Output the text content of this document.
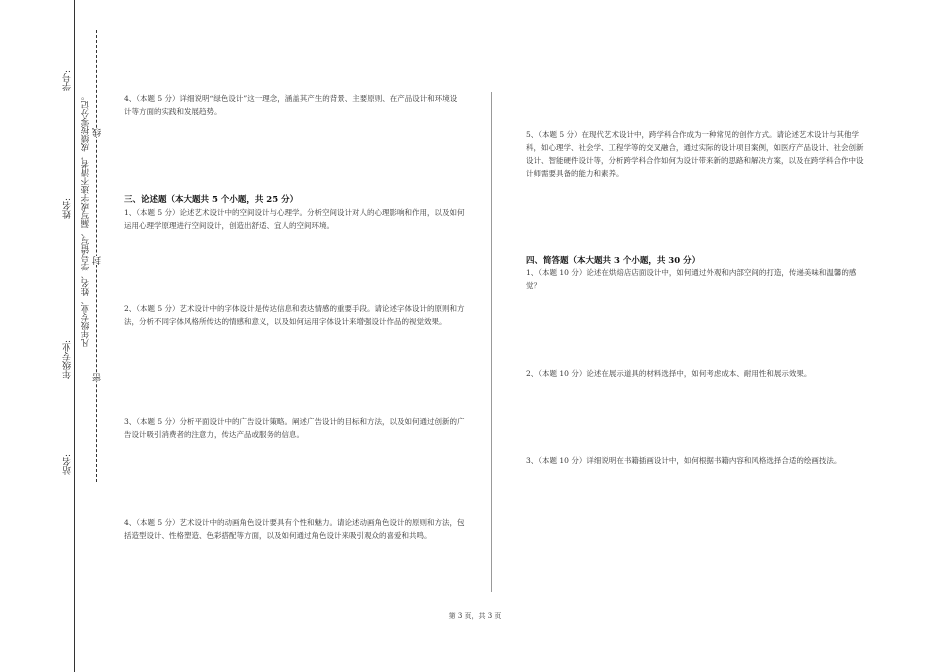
学号:
姓名:
年级专业:
站名:
凡年级专业、姓名、学号错写、漏写或字迹不清者，成绩按零分记。
密
封
线
4、（本题 5 分）详细说明“绿色设计”这一理念，涵盖其产生的背景、主要原则、在产品设计和环境设计等方面的实践和发展趋势。
三、论述题（本大题共 5 个小题，共 25 分）
1、（本题 5 分）论述艺术设计中的空间设计与心理学。分析空间设计对人的心理影响和作用，以及如何运用心理学原理进行空间设计，创造出舒适、宜人的空间环境。
2、（本题 5 分）艺术设计中的字体设计是传达信息和表达情感的重要手段。请论述字体设计的原则和方法，分析不同字体风格所传达的情感和意义，以及如何运用字体设计来增强设计作品的视觉效果。
3、（本题 5 分）分析平面设计中的广告设计策略。阐述广告设计的目标和方法，以及如何通过创新的广告设计吸引消费者的注意力，传达产品或服务的信息。
4、（本题 5 分）艺术设计中的动画角色设计要具有个性和魅力。请论述动画角色设计的原则和方法，包括造型设计、性格塑造、色彩搭配等方面，以及如何通过角色设计来吸引观众的喜爱和共鸣。
5、（本题 5 分）在现代艺术设计中，跨学科合作成为一种常见的创作方式。请论述艺术设计与其他学科，如心理学、社会学、工程学等的交叉融合，通过实际的设计项目案例，如医疗产品设计、社会创新设计、智能硬件设计等，分析跨学科合作如何为设计带来新的思路和解决方案，以及在跨学科合作中设计师需要具备的能力和素养。
四、简答题（本大题共 3 个小题，共 30 分）
1、（本题 10 分）论述在烘焙店店面设计中，如何通过外观和内部空间的打造，传递美味和温馨的感觉？
2、（本题 10 分）论述在展示道具的材料选择中，如何考虑成本、耐用性和展示效果。
3、（本题 10 分）详细说明在书籍插画设计中，如何根据书籍内容和风格选择合适的绘画技法。
第 3 页，共 3 页
